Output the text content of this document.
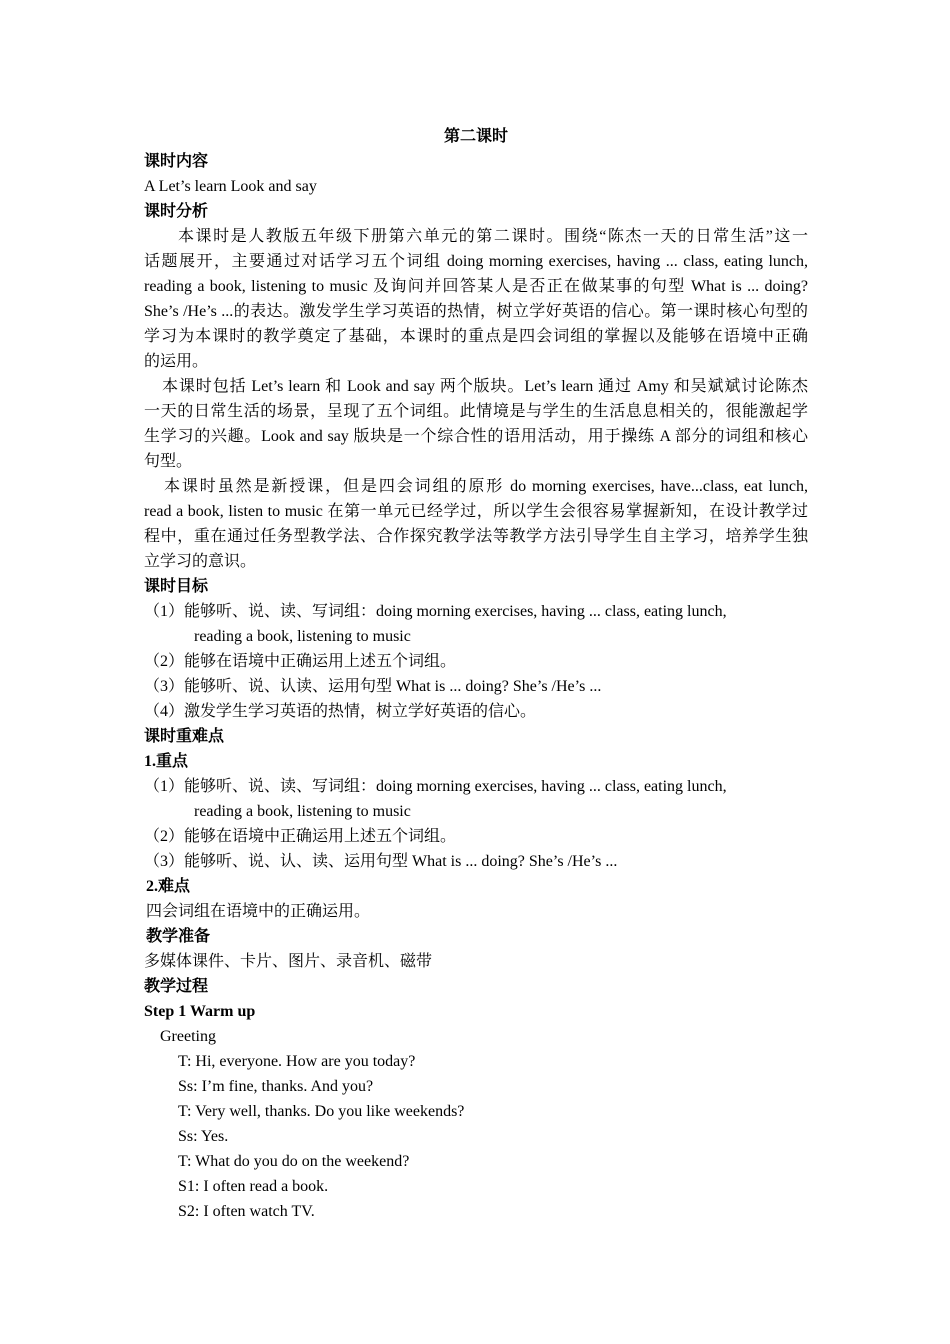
第二课时
课时内容
A Let’s learn Look and say
课时分析
本课时是人教版五年级下册第六单元的第二课时。围绕“陈杰一天的日常生活”这一
话题展开，主要通过对话学习五个词组 doing morning exercises, having ... class, eating lunch,
reading a book, listening to music 及询问并回答某人是否正在做某事的句型 What is ... doing?
She’s /He’s ...的表达。激发学生学习英语的热情，树立学好英语的信心。第一课时核心句型的
学习为本课时的教学奠定了基础，本课时的重点是四会词组的掌握以及能够在语境中正确
的运用。
本课时包括 Let’s learn 和 Look and say 两个版块。Let’s learn 通过 Amy 和吴斌斌讨论陈杰
一天的日常生活的场景，呈现了五个词组。此情境是与学生的生活息息相关的，很能激起学
生学习的兴趣。Look and say 版块是一个综合性的语用活动，用于操练 A 部分的词组和核心
句型。
本课时虽然是新授课，但是四会词组的原形 do morning exercises, have...class, eat lunch,
read a book, listen to music 在第一单元已经学过，所以学生会很容易掌握新知，在设计教学过
程中，重在通过任务型教学法、合作探究教学法等教学方法引导学生自主学习，培养学生独
立学习的意识。
课时目标
（1）能够听、说、读、写词组：doing morning exercises, having ... class, eating lunch,
reading a book, listening to music
（2）能够在语境中正确运用上述五个词组。
（3）能够听、说、认读、运用句型 What is ... doing? She’s /He’s ...
（4）激发学生学习英语的热情，树立学好英语的信心。
课时重难点
1.重点
（1）能够听、说、读、写词组：doing morning exercises, having ... class, eating lunch,
reading a book, listening to music
（2）能够在语境中正确运用上述五个词组。
（3）能够听、说、认、读、运用句型 What is ... doing? She’s /He’s ...
2.难点
四会词组在语境中的正确运用。
教学准备
多媒体课件、卡片、图片、录音机、磁带
教学过程
Step 1 Warm up
Greeting
T: Hi, everyone. How are you today?
Ss: I’m fine, thanks. And you?
T: Very well, thanks. Do you like weekends?
Ss: Yes.
T: What do you do on the weekend?
S1: I often read a book.
S2: I often watch TV.
